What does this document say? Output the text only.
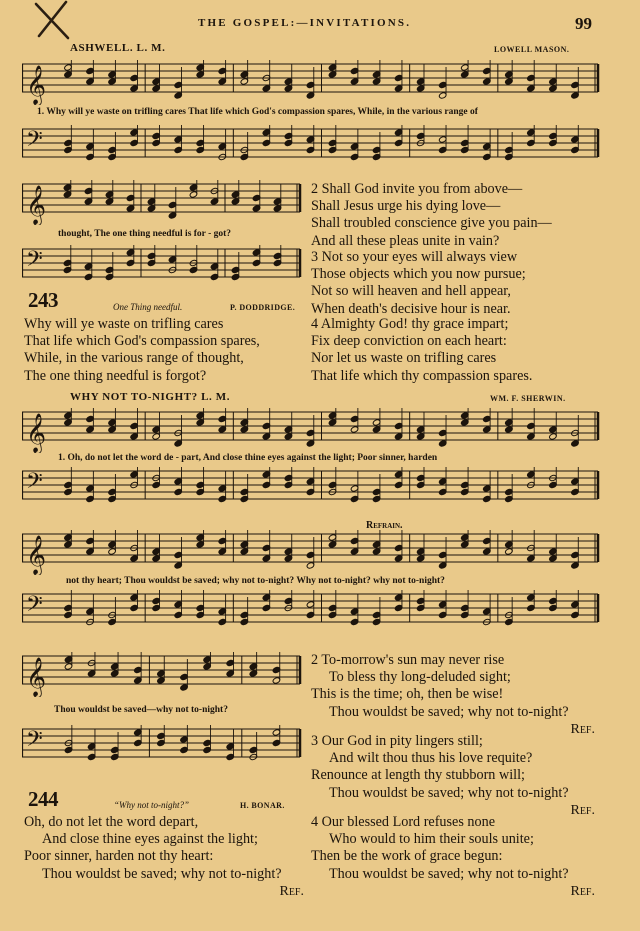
THE GOSPEL:—INVITATIONS.	99
ASHWELL. L. M.	LOWELL MASON.
𝄞
1. Why will ye waste on trifling cares That life which God's compassion spares, While, in the various range of
𝄢
𝄞
thought, The one thing needful is for - got?
𝄢
243	One Thing needful.	P. DODDRIDGE.
Why will ye waste on trifling cares
That life which God's compassion spares,
While, in the various range of thought,
The one thing needful is forgot?
2 Shall God invite you from above—
Shall Jesus urge his dying love—
Shall troubled conscience give you pain—
And all these pleas unite in vain?
3 Not so your eyes will always view
Those objects which you now pursue;
Not so will heaven and hell appear,
When death's decisive hour is near.
4 Almighty God! thy grace impart;
Fix deep conviction on each heart:
Nor let us waste on trifling cares
That life which thy compassion spares.
WHY NOT TO-NIGHT? L. M.	WM. F. SHERWIN.
𝄞
1. Oh, do not let the word de - part, And close thine eyes against the light; Poor sinner, harden
𝄢
Refrain.
𝄞
not thy heart; Thou wouldst be saved; why not to-night? Why not to-night? why not to-night?
𝄢
𝄞
Thou wouldst be saved—why not to-night?
𝄢
244	“Why not to-night?”	H. BONAR.
Oh, do not let the word depart,
And close thine eyes against the light;
Poor sinner, harden not thy heart:
Thou wouldst be saved; why not to-night?
Ref.
2 To-morrow's sun may never rise
To bless thy long-deluded sight;
This is the time; oh, then be wise!
Thou wouldst be saved; why not to-night?
Ref.
3 Our God in pity lingers still;
And wilt thou thus his love requite?
Renounce at length thy stubborn will;
Thou wouldst be saved; why not to-night?
Ref.
4 Our blessed Lord refuses none
Who would to him their souls unite;
Then be the work of grace begun:
Thou wouldst be saved; why not to-night?
Ref.
